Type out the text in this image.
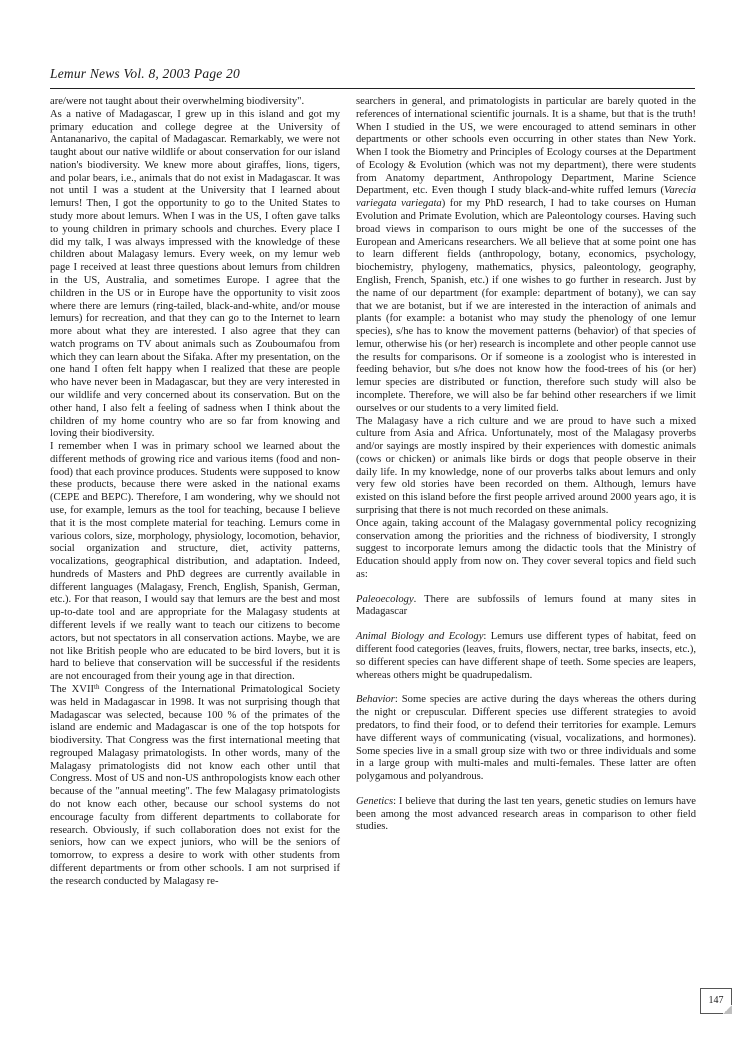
Lemur News Vol. 8, 2003 Page 20

are/were not taught about their overwhelming biodiversity".

As a native of Madagascar, I grew up in this island and got my primary education and college degree at the University of Antananarivo, the capital of Madagascar. Remarkably, we were not taught about our native wildlife or about conservation for our island nation's biodiversity. We knew more about giraffes, lions, tigers, and polar bears, i.e., animals that do not exist in Madagascar. It was not until I was a student at the University that I learned about lemurs! Then, I got the opportunity to go to the United States to study more about lemurs. When I was in the US, I often gave talks to young children in primary schools and churches. Every place I did my talk, I was always impressed with the knowledge of these children about Malagasy lemurs. Every week, on my lemur web page I received at least three questions about lemurs from children in the US, Australia, and sometimes Europe. I agree that the children in the US or in Europe have the opportunity to visit zoos where there are lemurs (ring-tailed, black-and-white, and/or mouse lemurs) for recreation, and that they can go to the Internet to learn more about what they are interested. I also agree that they can watch programs on TV about animals such as Zouboumafou from which they can learn about the Sifaka. After my presentation, on the one hand I often felt happy when I realized that these are people who have never been in Madagascar, but they are very interested in our wildlife and very concerned about its conservation. But on the other hand, I also felt a feeling of sadness when I think about the children of my home country who are so far from knowing and loving their biodiversity.

I remember when I was in primary school we learned about the different methods of growing rice and various items (food and non-food) that each province produces. Students were supposed to know these products, because there were asked in the national exams (CEPE and BEPC). Therefore, I am wondering, why we should not use, for example, lemurs as the tool for teaching, because I believe that it is the most complete material for teaching. Lemurs come in various colors, size, morphology, physiology, locomotion, behavior, social organization and structure, diet, activity patterns, vocalizations, geographical distribution, and adaptation. Indeed, hundreds of Masters and PhD degrees are currently available in different languages (Malagasy, French, English, Spanish, German, etc.). For that reason, I would say that lemurs are the best and most up-to-date tool and are appropriate for the Malagasy students at different levels if we really want to teach our citizens to become actors, but not spectators in all conservation actions. Maybe, we are not like British people who are educated to be bird lovers, but it is hard to believe that conservation will be successful if the residents are not encouraged from their young age in that direction.

The XVIIth Congress of the International Primatological Society was held in Madagascar in 1998. It was not surprising though that Madagascar was selected, because 100 % of the primates of the island are endemic and Madagascar is one of the top hotspots for biodiversity. That Congress was the first international meeting that regrouped Malagasy primatologists. In other words, many of the Malagasy primatologists did not know each other until that Congress. Most of US and non-US anthropologists know each other because of the "annual meeting". The few Malagasy primatologists do not know each other, because our school systems do not encourage faculty from different departments to collaborate for research. Obviously, if such collaboration does not exist for the seniors, how can we expect juniors, who will be the seniors of tomorrow, to express a desire to work with other students from different departments or from other schools. I am not surprised if the research conducted by Malagasy re-

searchers in general, and primatologists in particular are barely quoted in the references of international scientific journals. It is a shame, but that is the truth! When I studied in the US, we were encouraged to attend seminars in other departments or other schools even occurring in other states than New York. When I took the Biometry and Principles of Ecology courses at the Department of Ecology & Evolution (which was not my department), there were students from Anatomy department, Anthropology Department, Marine Science Department, etc. Even though I study black-and-white ruffed lemurs (Varecia variegata variegata) for my PhD research, I had to take courses on Human Evolution and Primate Evolution, which are Paleontology courses. Having such broad views in comparison to ours might be one of the successes of the European and Americans researchers. We all believe that at some point one has to learn different fields (anthropology, botany, economics, psychology, biochemistry, phylogeny, mathematics, physics, paleontology, geography, English, French, Spanish, etc.) if one wishes to go further in research. Just by the name of our department (for example: department of botany), we can say that we are botanist, but if we are interested in the interaction of animals and plants (for example: a botanist who may study the phenology of one lemur species), s/he has to know the movement patterns (behavior) of that species of lemur, otherwise his (or her) research is incomplete and other people cannot use the results for comparisons. Or if someone is a zoologist who is interested in feeding behavior, but s/he does not know how the food-trees of his (or her) lemur species are distributed or function, therefore such study will also be incomplete. Therefore, we will also be far behind other researchers if we limit ourselves or our students to a very limited field.

The Malagasy have a rich culture and we are proud to have such a mixed culture from Asia and Africa. Unfortunately, most of the Malagasy proverbs and/or sayings are mostly inspired by their experiences with domestic animals (cows or chicken) or animals like birds or dogs that people observe in their daily life. In my knowledge, none of our proverbs talks about lemurs and only very few old stories have been recorded on them. Although, lemurs have existed on this island before the first people arrived around 2000 years ago, it is surprising that there is not much recorded on these animals.

Once again, taking account of the Malagasy governmental policy recognizing conservation among the priorities and the richness of biodiversity, I strongly suggest to incorporate lemurs among the didactic tools that the Ministry of Education should apply from now on. They cover several topics and field such as:

Paleoecology. There are subfossils of lemurs found at many sites in Madagascar

Animal Biology and Ecology: Lemurs use different types of habitat, feed on different food categories (leaves, fruits, flowers, nectar, tree barks, insects, etc.), so different species can have different shape of teeth. Some species are leapers, whereas others might be quadrupedalism.

Behavior: Some species are active during the days whereas the others during the night or crepuscular. Different species use different strategies to avoid predators, to find their food, or to defend their territories for example. Lemurs have different ways of communicating (visual, vocalizations, and hormones). Some species live in a small group size with two or three individuals and some in a large group with multi-males and multi-females. These latter are often polygamous and polyandrous.

Genetics: I believe that during the last ten years, genetic studies on lemurs have been among the most advanced research areas in comparison to other field studies.

147
